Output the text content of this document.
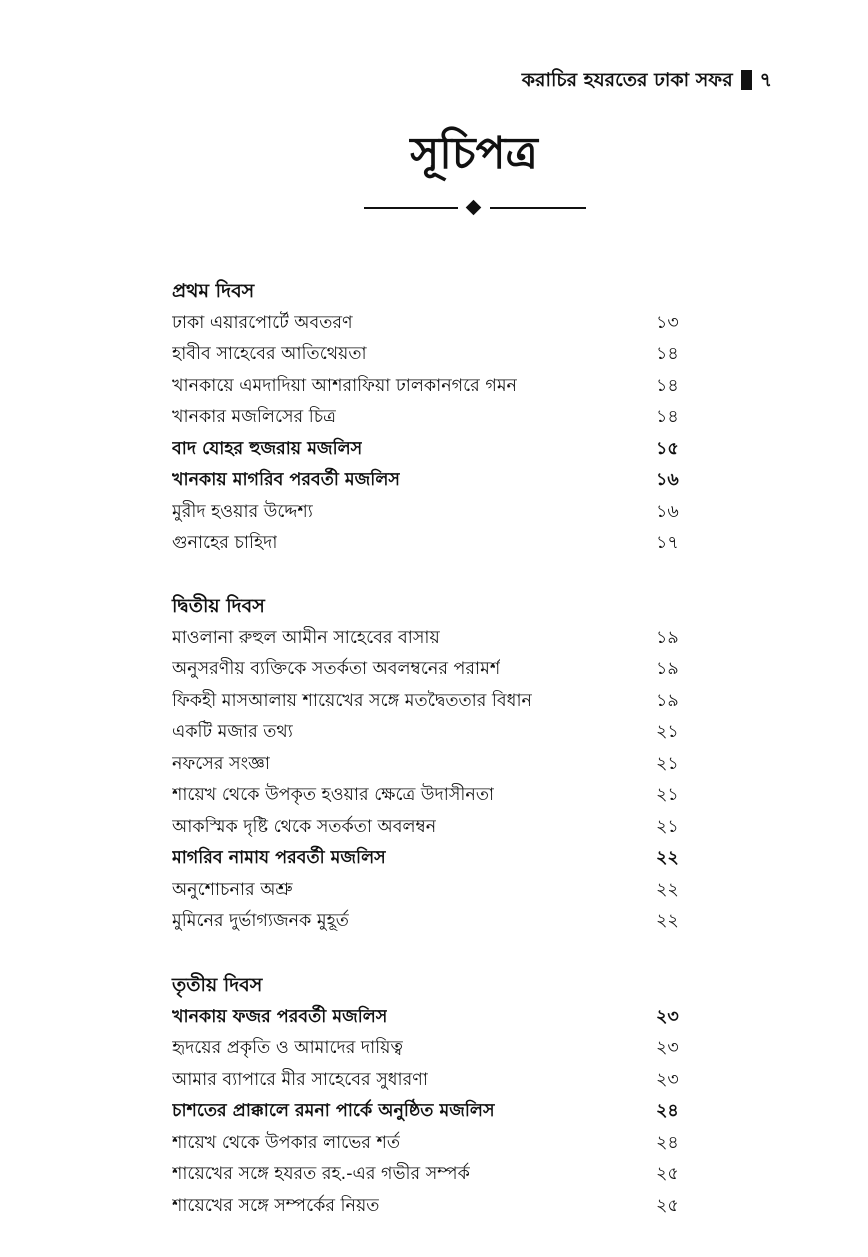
করাচির হযরতের ঢাকা সফর ৭
সূচিপত্র
প্রথম দিবস
ঢাকা এয়ারপোর্টে অবতরণ	১৩
হাবীব সাহেবের আতিথেয়তা	১৪
খানকায়ে এমদাদিয়া আশরাফিয়া ঢালকানগরে গমন	১৪
খানকার মজলিসের চিত্র	১৪
বাদ যোহর হুজরায় মজলিস	১৫
খানকায় মাগরিব পরবর্তী মজলিস	১৬
মুরীদ হওয়ার উদ্দেশ্য	১৬
গুনাহের চাহিদা	১৭
দ্বিতীয় দিবস
মাওলানা রুহুল আমীন সাহেবের বাসায়	১৯
অনুসরণীয় ব্যক্তিকে সতর্কতা অবলম্বনের পরামর্শ	১৯
ফিকহী মাসআলায় শায়েখের সঙ্গে মতদ্বৈততার বিধান	১৯
একটি মজার তথ্য	২১
নফসের সংজ্ঞা	২১
শায়েখ থেকে উপকৃত হওয়ার ক্ষেত্রে উদাসীনতা	২১
আকস্মিক দৃষ্টি থেকে সতর্কতা অবলম্বন	২১
মাগরিব নামায পরবর্তী মজলিস	২২
অনুশোচনার অশ্রু	২২
মুমিনের দুর্ভাগ্যজনক মুহূর্ত	২২
তৃতীয় দিবস
খানকায় ফজর পরবর্তী মজলিস	২৩
হৃদয়ের প্রকৃতি ও আমাদের দায়িত্ব	২৩
আমার ব্যাপারে মীর সাহেবের সুধারণা	২৩
চাশতের প্রাক্কালে রমনা পার্কে অনুষ্ঠিত মজলিস	২৪
শায়েখ থেকে উপকার লাভের শর্ত	২৪
শায়েখের সঙ্গে হযরত রহ.-এর গভীর সম্পর্ক	২৫
শায়েখের সঙ্গে সম্পর্কের নিয়ত	২৫
